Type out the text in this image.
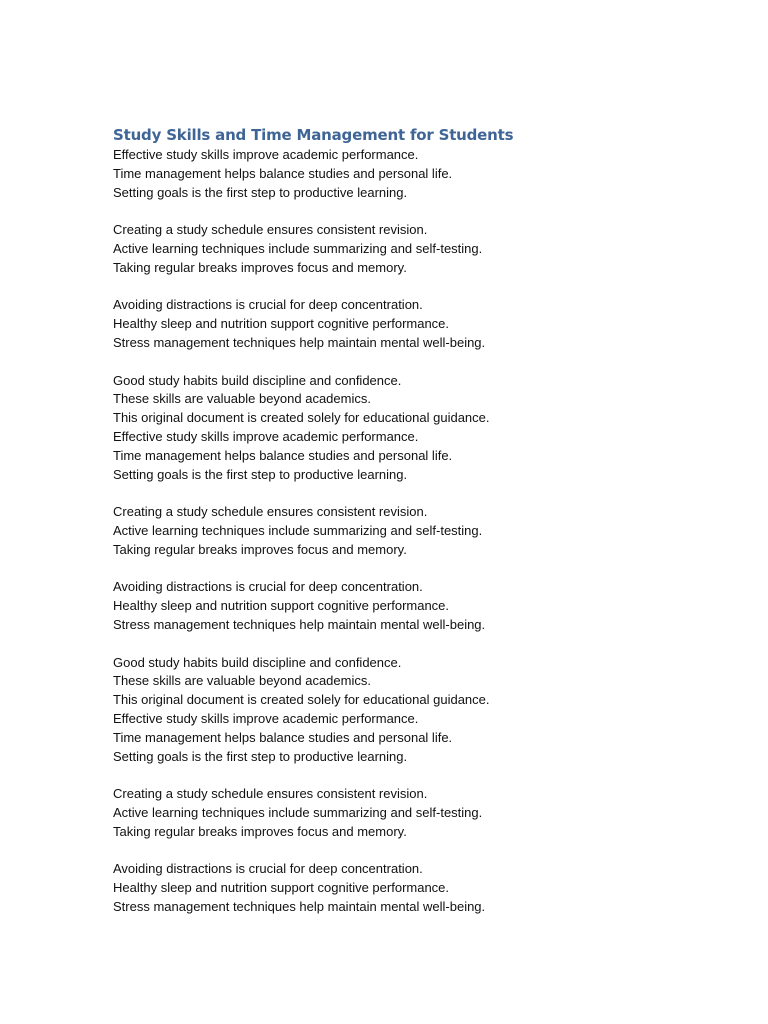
Study Skills and Time Management for Students
Effective study skills improve academic performance.
Time management helps balance studies and personal life.
Setting goals is the first step to productive learning.
Creating a study schedule ensures consistent revision.
Active learning techniques include summarizing and self-testing.
Taking regular breaks improves focus and memory.
Avoiding distractions is crucial for deep concentration.
Healthy sleep and nutrition support cognitive performance.
Stress management techniques help maintain mental well-being.
Good study habits build discipline and confidence.
These skills are valuable beyond academics.
This original document is created solely for educational guidance.
Effective study skills improve academic performance.
Time management helps balance studies and personal life.
Setting goals is the first step to productive learning.
Creating a study schedule ensures consistent revision.
Active learning techniques include summarizing and self-testing.
Taking regular breaks improves focus and memory.
Avoiding distractions is crucial for deep concentration.
Healthy sleep and nutrition support cognitive performance.
Stress management techniques help maintain mental well-being.
Good study habits build discipline and confidence.
These skills are valuable beyond academics.
This original document is created solely for educational guidance.
Effective study skills improve academic performance.
Time management helps balance studies and personal life.
Setting goals is the first step to productive learning.
Creating a study schedule ensures consistent revision.
Active learning techniques include summarizing and self-testing.
Taking regular breaks improves focus and memory.
Avoiding distractions is crucial for deep concentration.
Healthy sleep and nutrition support cognitive performance.
Stress management techniques help maintain mental well-being.
